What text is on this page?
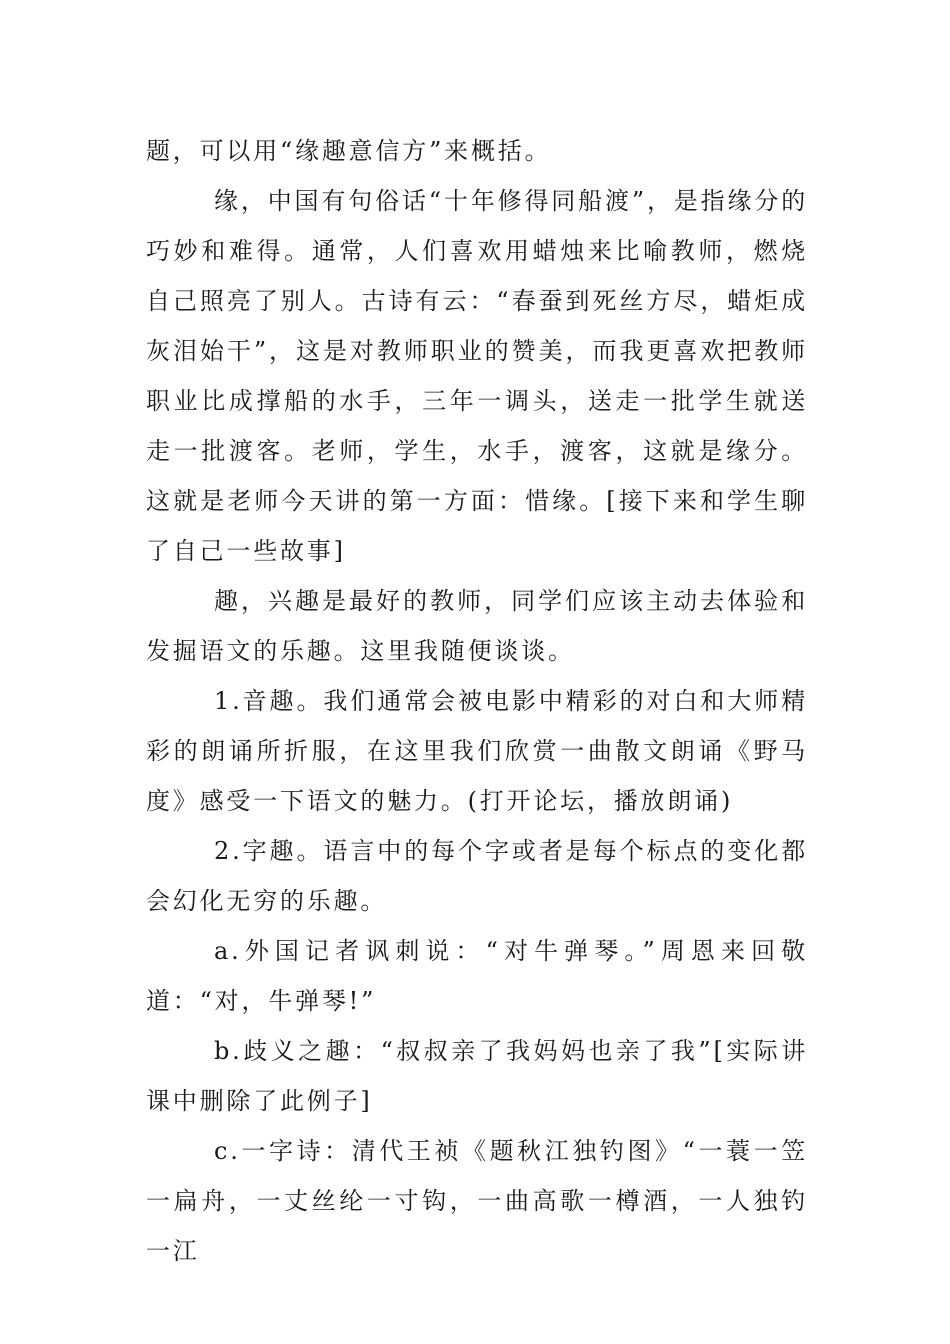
题，可以用“缘趣意信方”来概括。

缘，中国有句俗话“十年修得同船渡”，是指缘分的巧妙和难得。通常，人们喜欢用蜡烛来比喻教师，燃烧自己照亮了别人。古诗有云：“春蚕到死丝方尽，蜡炬成灰泪始干”，这是对教师职业的赞美，而我更喜欢把教师职业比成撑船的水手，三年一调头，送走一批学生就送走一批渡客。老师，学生，水手，渡客，这就是缘分。这就是老师今天讲的第一方面：惜缘。[接下来和学生聊了自己一些故事]

趣，兴趣是最好的教师，同学们应该主动去体验和发掘语文的乐趣。这里我随便谈谈。

1.音趣。我们通常会被电影中精彩的对白和大师精彩的朗诵所折服，在这里我们欣赏一曲散文朗诵《野马度》感受一下语文的魅力。(打开论坛，播放朗诵)

2.字趣。语言中的每个字或者是每个标点的变化都会幻化无穷的乐趣。

a.外国记者讽刺说：“对牛弹琴。”周恩来回敬道：“对，牛弹琴!”

b.歧义之趣：“叔叔亲了我妈妈也亲了我”[实际讲课中删除了此例子]

c.一字诗：清代王祯《题秋江独钓图》“一蓑一笠一扁舟，一丈丝纶一寸钩，一曲高歌一樽酒，一人独钓一江
